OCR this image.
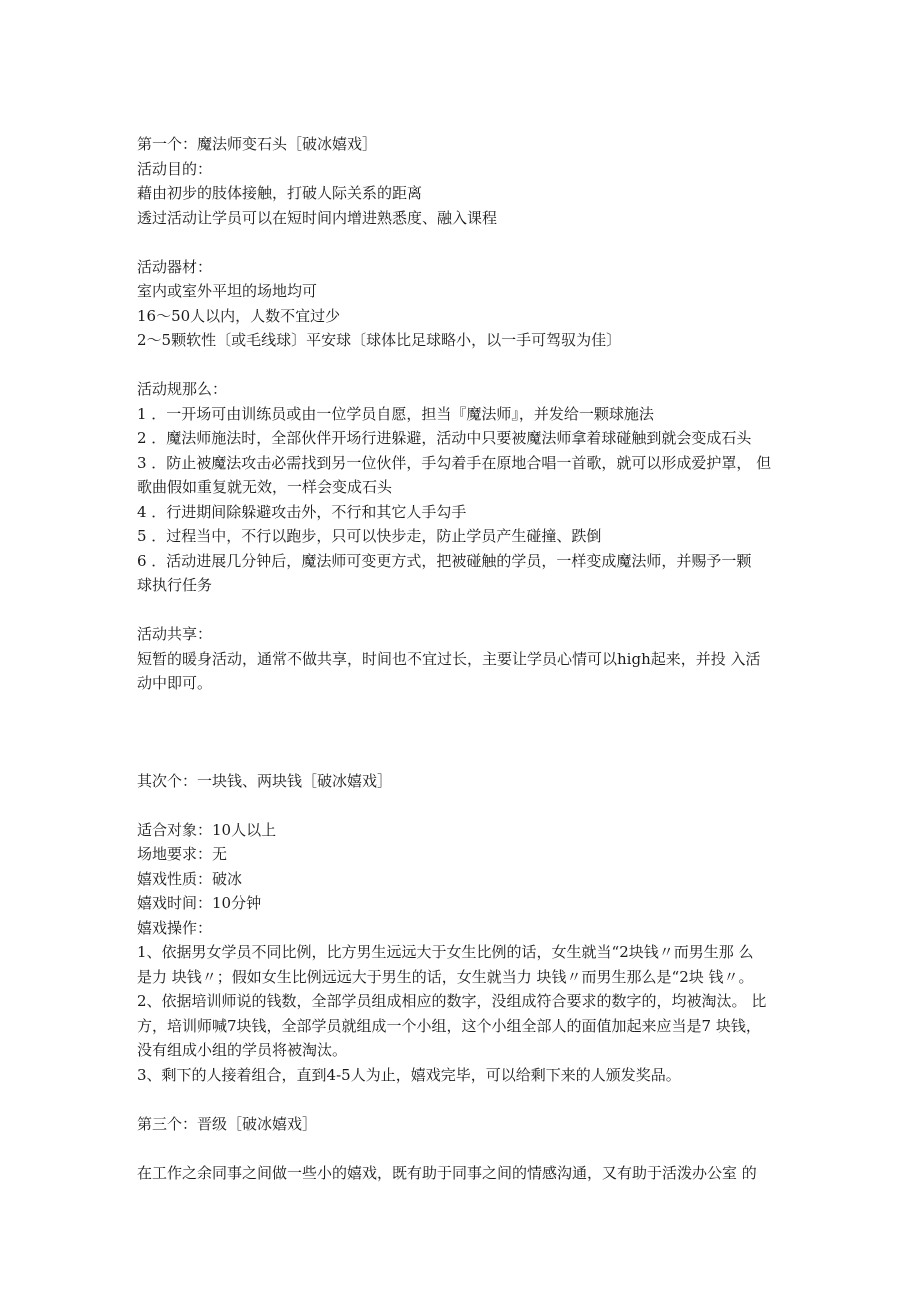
第一个：魔法师变石头［破冰嬉戏］
活动目的：
藉由初步的肢体接触，打破人际关系的距离
透过活动让学员可以在短时间内增进熟悉度、融入课程
活动器材：
室内或室外平坦的场地均可
16〜50人以内，人数不宜过少
2〜5颗软性〔或毛线球〕平安球〔球体比足球略小，以一手可驾驭为佳〕
活动规那么：
1 ．一开场可由训练员或由一位学员自愿，担当『魔法师』，并发给一颗球施法
2 ．魔法师施法时，全部伙伴开场行进躲避，活动中只要被魔法师拿着球碰触到就会变成石头
3 ．防止被魔法攻击必需找到另一位伙伴，手勾着手在原地合唱一首歌，就可以形成爱护罩， 但
歌曲假如重复就无效，一样会变成石头
4 ．行进期间除躲避攻击外，不行和其它人手勾手
5 ．过程当中，不行以跑步，只可以快步走，防止学员产生碰撞、跌倒
6 ．活动进展几分钟后，魔法师可变更方式，把被碰触的学员，一样变成魔法师，并赐予一颗
球执行任务
活动共享：
短暂的暖身活动，通常不做共享，时间也不宜过长，主要让学员心情可以high起来，并投 入活
动中即可。
其次个：一块钱、两块钱［破冰嬉戏］
适合对象：10人以上
场地要求：无
嬉戏性质：破冰
嬉戏时间：10分钟
嬉戏操作：
1、依据男女学员不同比例，比方男生远远大于女生比例的话，女生就当“2块钱〃而男生那 么
是力 块钱〃；假如女生比例远远大于男生的话，女生就当力 块钱〃而男生那么是“2块 钱〃。
2、依据培训师说的钱数，全部学员组成相应的数字，没组成符合要求的数字的，均被淘汰。 比
方，培训师喊7块钱，全部学员就组成一个小组，这个小组全部人的面值加起来应当是7 块钱，
没有组成小组的学员将被淘汰。
3、剩下的人接着组合，直到4-5人为止，嬉戏完毕，可以给剩下来的人颁发奖品。
第三个：晋级［破冰嬉戏］
在工作之余同事之间做一些小的嬉戏，既有助于同事之间的情感沟通，又有助于活泼办公室 的
